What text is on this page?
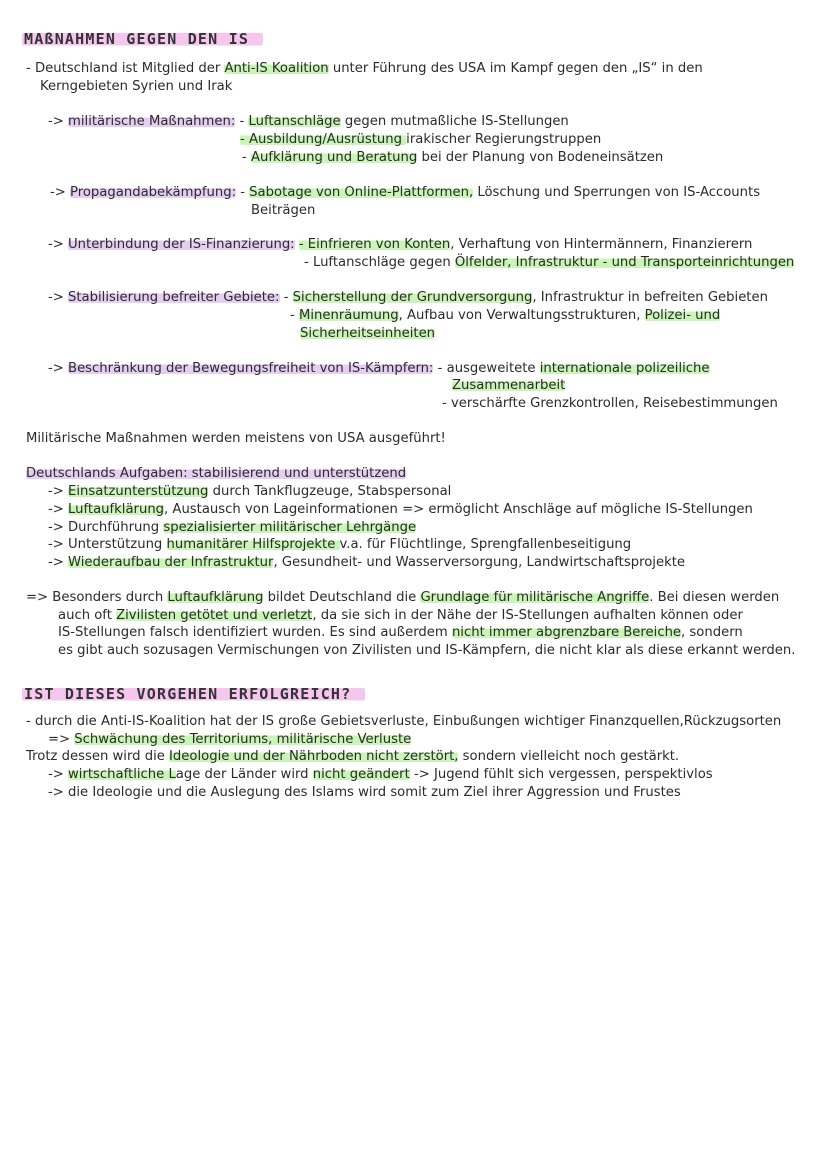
MAßNAHMEN GEGEN DEN IS
- Deutschland ist Mitglied der Anti-IS Koalition unter Führung des USA im Kampf gegen den „IS“ in den
Kerngebieten Syrien und Irak
-> militärische Maßnahmen: - Luftanschläge gegen mutmaßliche IS-Stellungen
- Ausbildung/Ausrüstung irakischer Regierungstruppen
- Aufklärung und Beratung bei der Planung von Bodeneinsätzen
-> Propagandabekämpfung: - Sabotage von Online-Plattformen, Löschung und Sperrungen von IS-Accounts
Beiträgen
-> Unterbindung der IS-Finanzierung: - Einfrieren von Konten, Verhaftung von Hintermännern, Finanzierern
- Luftanschläge gegen Ölfelder, Infrastruktur - und Transporteinrichtungen
-> Stabilisierung befreiter Gebiete: - Sicherstellung der Grundversorgung, Infrastruktur in befreiten Gebieten
- Minenräumung, Aufbau von Verwaltungsstrukturen, Polizei- und
Sicherheitseinheiten
-> Beschränkung der Bewegungsfreiheit von IS-Kämpfern: - ausgeweitete internationale polizeiliche
Zusammenarbeit
- verschärfte Grenzkontrollen, Reisebestimmungen
Militärische Maßnahmen werden meistens von USA ausgeführt!
Deutschlands Aufgaben: stabilisierend und unterstützend
-> Einsatzunterstützung durch Tankflugzeuge, Stabspersonal
-> Luftaufklärung, Austausch von Lageinformationen => ermöglicht Anschläge auf mögliche IS-Stellungen
-> Durchführung spezialisierter militärischer Lehrgänge
-> Unterstützung humanitärer Hilfsprojekte v.a. für Flüchtlinge, Sprengfallenbeseitigung
-> Wiederaufbau der Infrastruktur, Gesundheit- und Wasserversorgung, Landwirtschaftsprojekte
=> Besonders durch Luftaufklärung bildet Deutschland die Grundlage für militärische Angriffe. Bei diesen werden
auch oft Zivilisten getötet und verletzt, da sie sich in der Nähe der IS-Stellungen aufhalten können oder
IS-Stellungen falsch identifiziert wurden. Es sind außerdem nicht immer abgrenzbare Bereiche, sondern
es gibt auch sozusagen Vermischungen von Zivilisten und IS-Kämpfern, die nicht klar als diese erkannt werden.
IST DIESES VORGEHEN ERFOLGREICH?
- durch die Anti-IS-Koalition hat der IS große Gebietsverluste, Einbußungen wichtiger Finanzquellen,Rückzugsorten
=> Schwächung des Territoriums, militärische Verluste
Trotz dessen wird die Ideologie und der Nährboden nicht zerstört, sondern vielleicht noch gestärkt.
-> wirtschaftliche Lage der Länder wird nicht geändert -> Jugend fühlt sich vergessen, perspektivlos
-> die Ideologie und die Auslegung des Islams wird somit zum Ziel ihrer Aggression und Frustes
